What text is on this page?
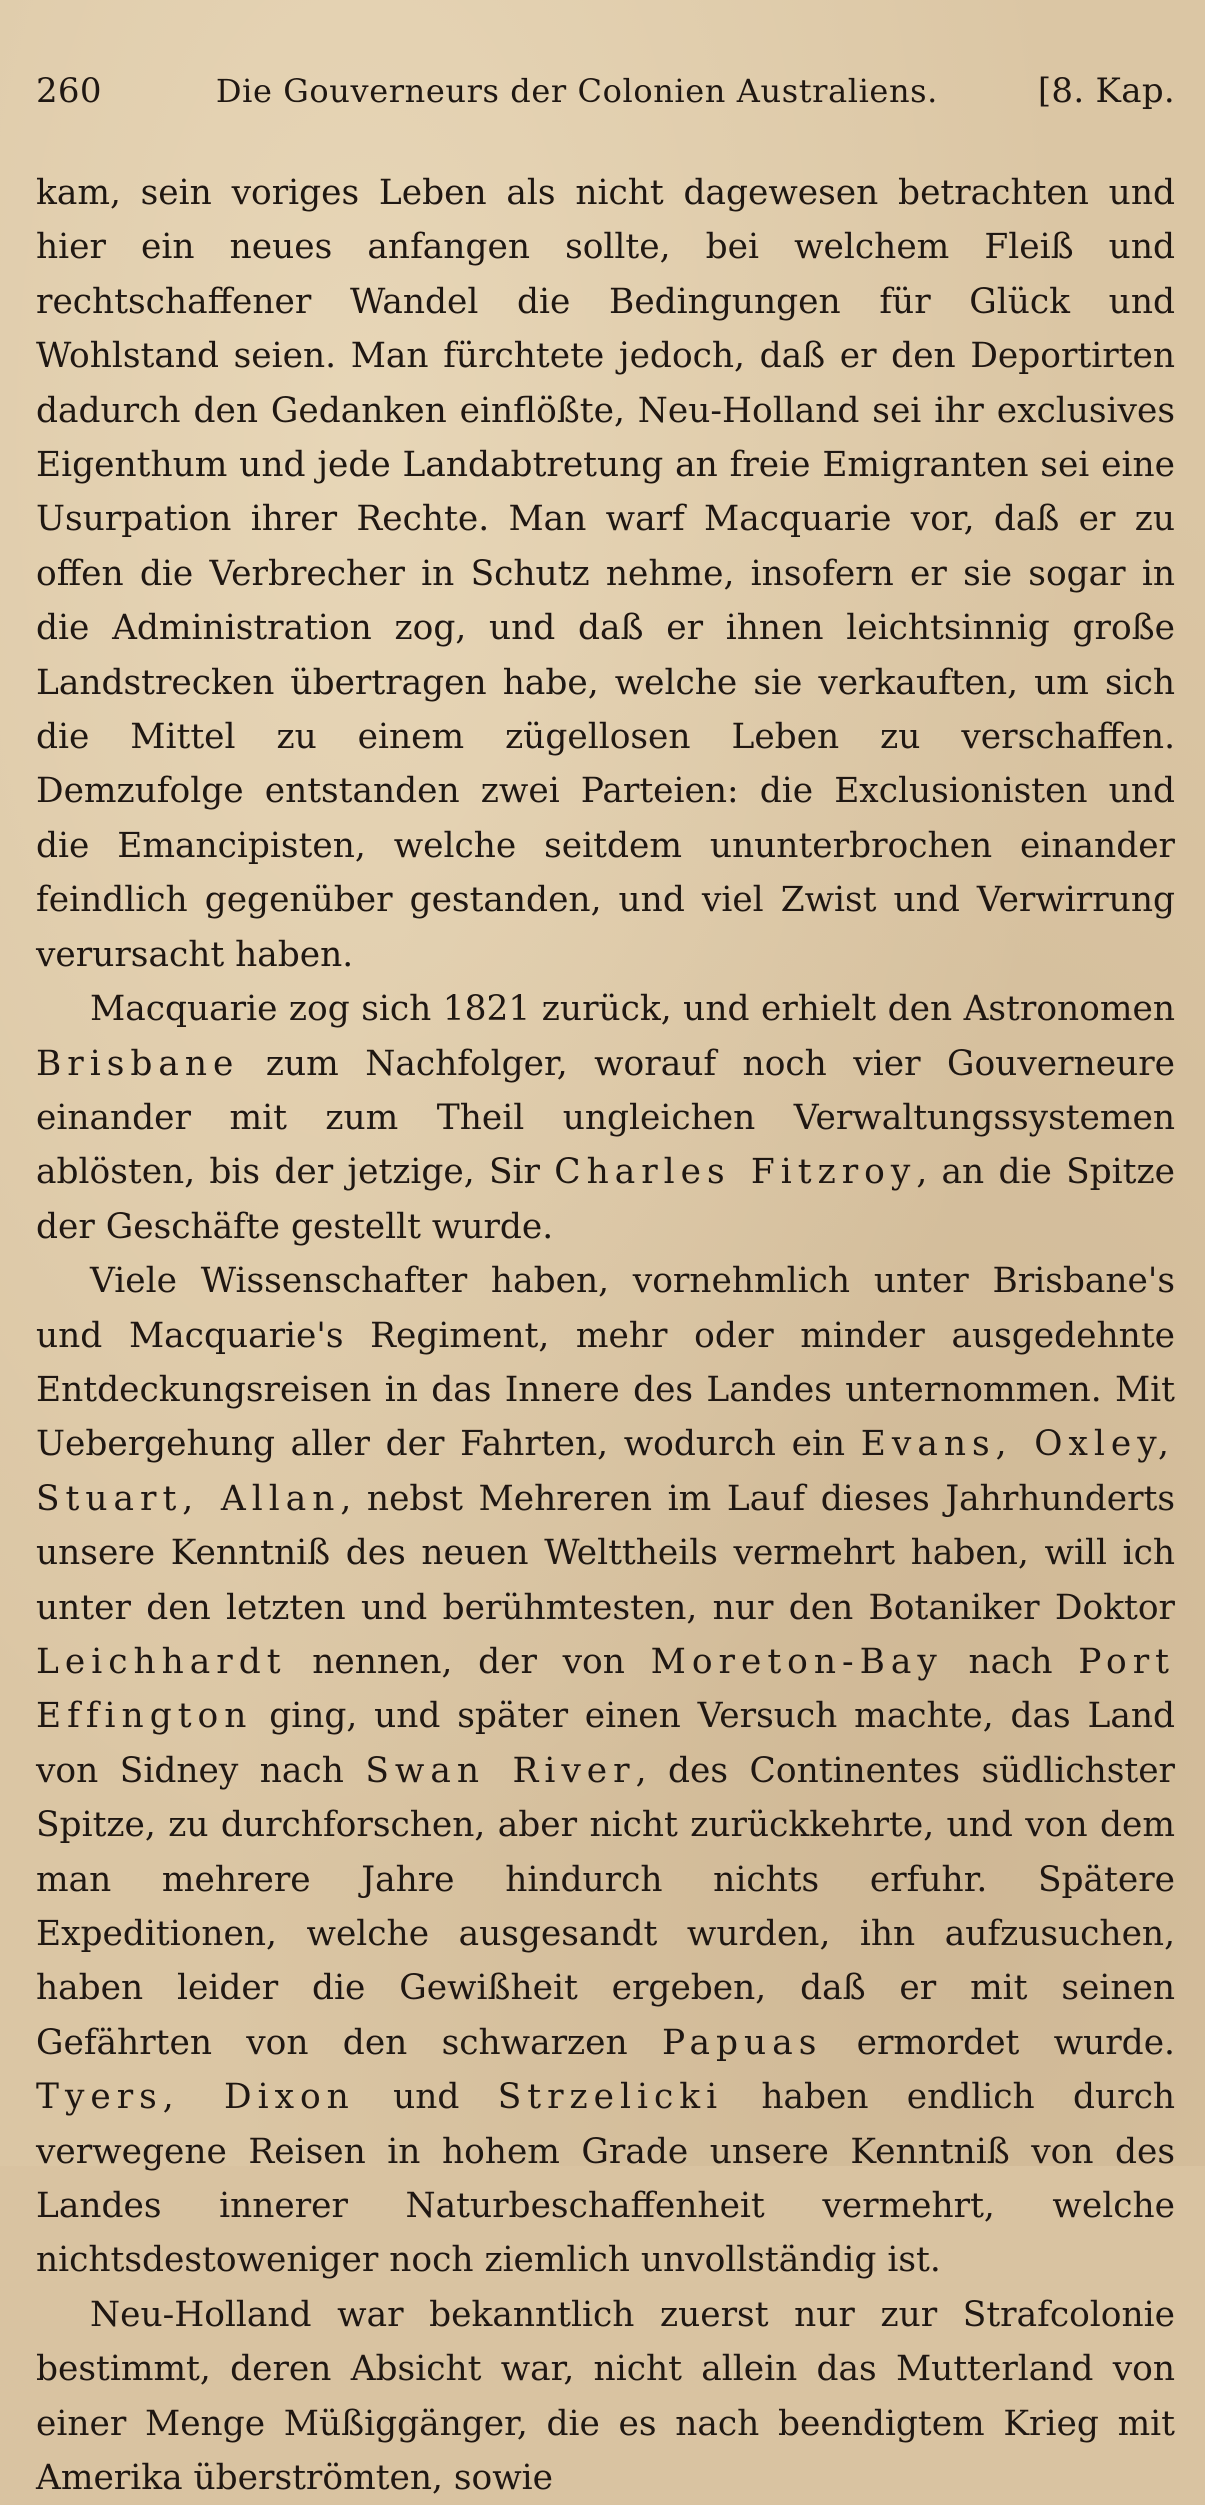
260	Die Gouverneurs der Colonien Australiens.	[8. Kap.

kam, sein voriges Leben als nicht dagewesen betrachten und hier ein neues anfangen sollte, bei welchem Fleiß und rechtschaffener Wandel die Bedingungen für Glück und Wohlstand seien. Man fürchtete jedoch, daß er den Deportirten dadurch den Gedanken einflößte, Neu-Holland sei ihr exclusives Eigenthum und jede Landabtretung an freie Emigranten sei eine Usurpation ihrer Rechte. Man warf Macquarie vor, daß er zu offen die Verbrecher in Schutz nehme, insofern er sie sogar in die Administration zog, und daß er ihnen leichtsinnig große Landstrecken übertragen habe, welche sie verkauften, um sich die Mittel zu einem zügellosen Leben zu verschaffen. Demzufolge entstanden zwei Parteien: die Exclusionisten und die Emancipisten, welche seitdem ununterbrochen einander feindlich gegenüber gestanden, und viel Zwist und Verwirrung verursacht haben.

Macquarie zog sich 1821 zurück, und erhielt den Astronomen Brisbane zum Nachfolger, worauf noch vier Gouverneure einander mit zum Theil ungleichen Verwaltungssystemen ablösten, bis der jetzige, Sir Charles Fitzroy, an die Spitze der Geschäfte gestellt wurde.

Viele Wissenschafter haben, vornehmlich unter Brisbane's und Macquarie's Regiment, mehr oder minder ausgedehnte Entdeckungsreisen in das Innere des Landes unternommen. Mit Uebergehung aller der Fahrten, wodurch ein Evans, Oxley, Stuart, Allan, nebst Mehreren im Lauf dieses Jahrhunderts unsere Kenntniß des neuen Welttheils vermehrt haben, will ich unter den letzten und berühmtesten, nur den Botaniker Doktor Leichhardt nennen, der von Moreton-Bay nach Port Effington ging, und später einen Versuch machte, das Land von Sidney nach Swan River, des Continentes südlichster Spitze, zu durchforschen, aber nicht zurückkehrte, und von dem man mehrere Jahre hindurch nichts erfuhr. Spätere Expeditionen, welche ausgesandt wurden, ihn aufzusuchen, haben leider die Gewißheit ergeben, daß er mit seinen Gefährten von den schwarzen Papuas ermordet wurde. Tyers, Dixon und Strzelicki haben endlich durch verwegene Reisen in hohem Grade unsere Kenntniß von des Landes innerer Naturbeschaffenheit vermehrt, welche nichtsdestoweniger noch ziemlich unvollständig ist.

Neu-Holland war bekanntlich zuerst nur zur Strafcolonie bestimmt, deren Absicht war, nicht allein das Mutterland von einer Menge Müßiggänger, die es nach beendigtem Krieg mit Amerika überströmten, sowie
